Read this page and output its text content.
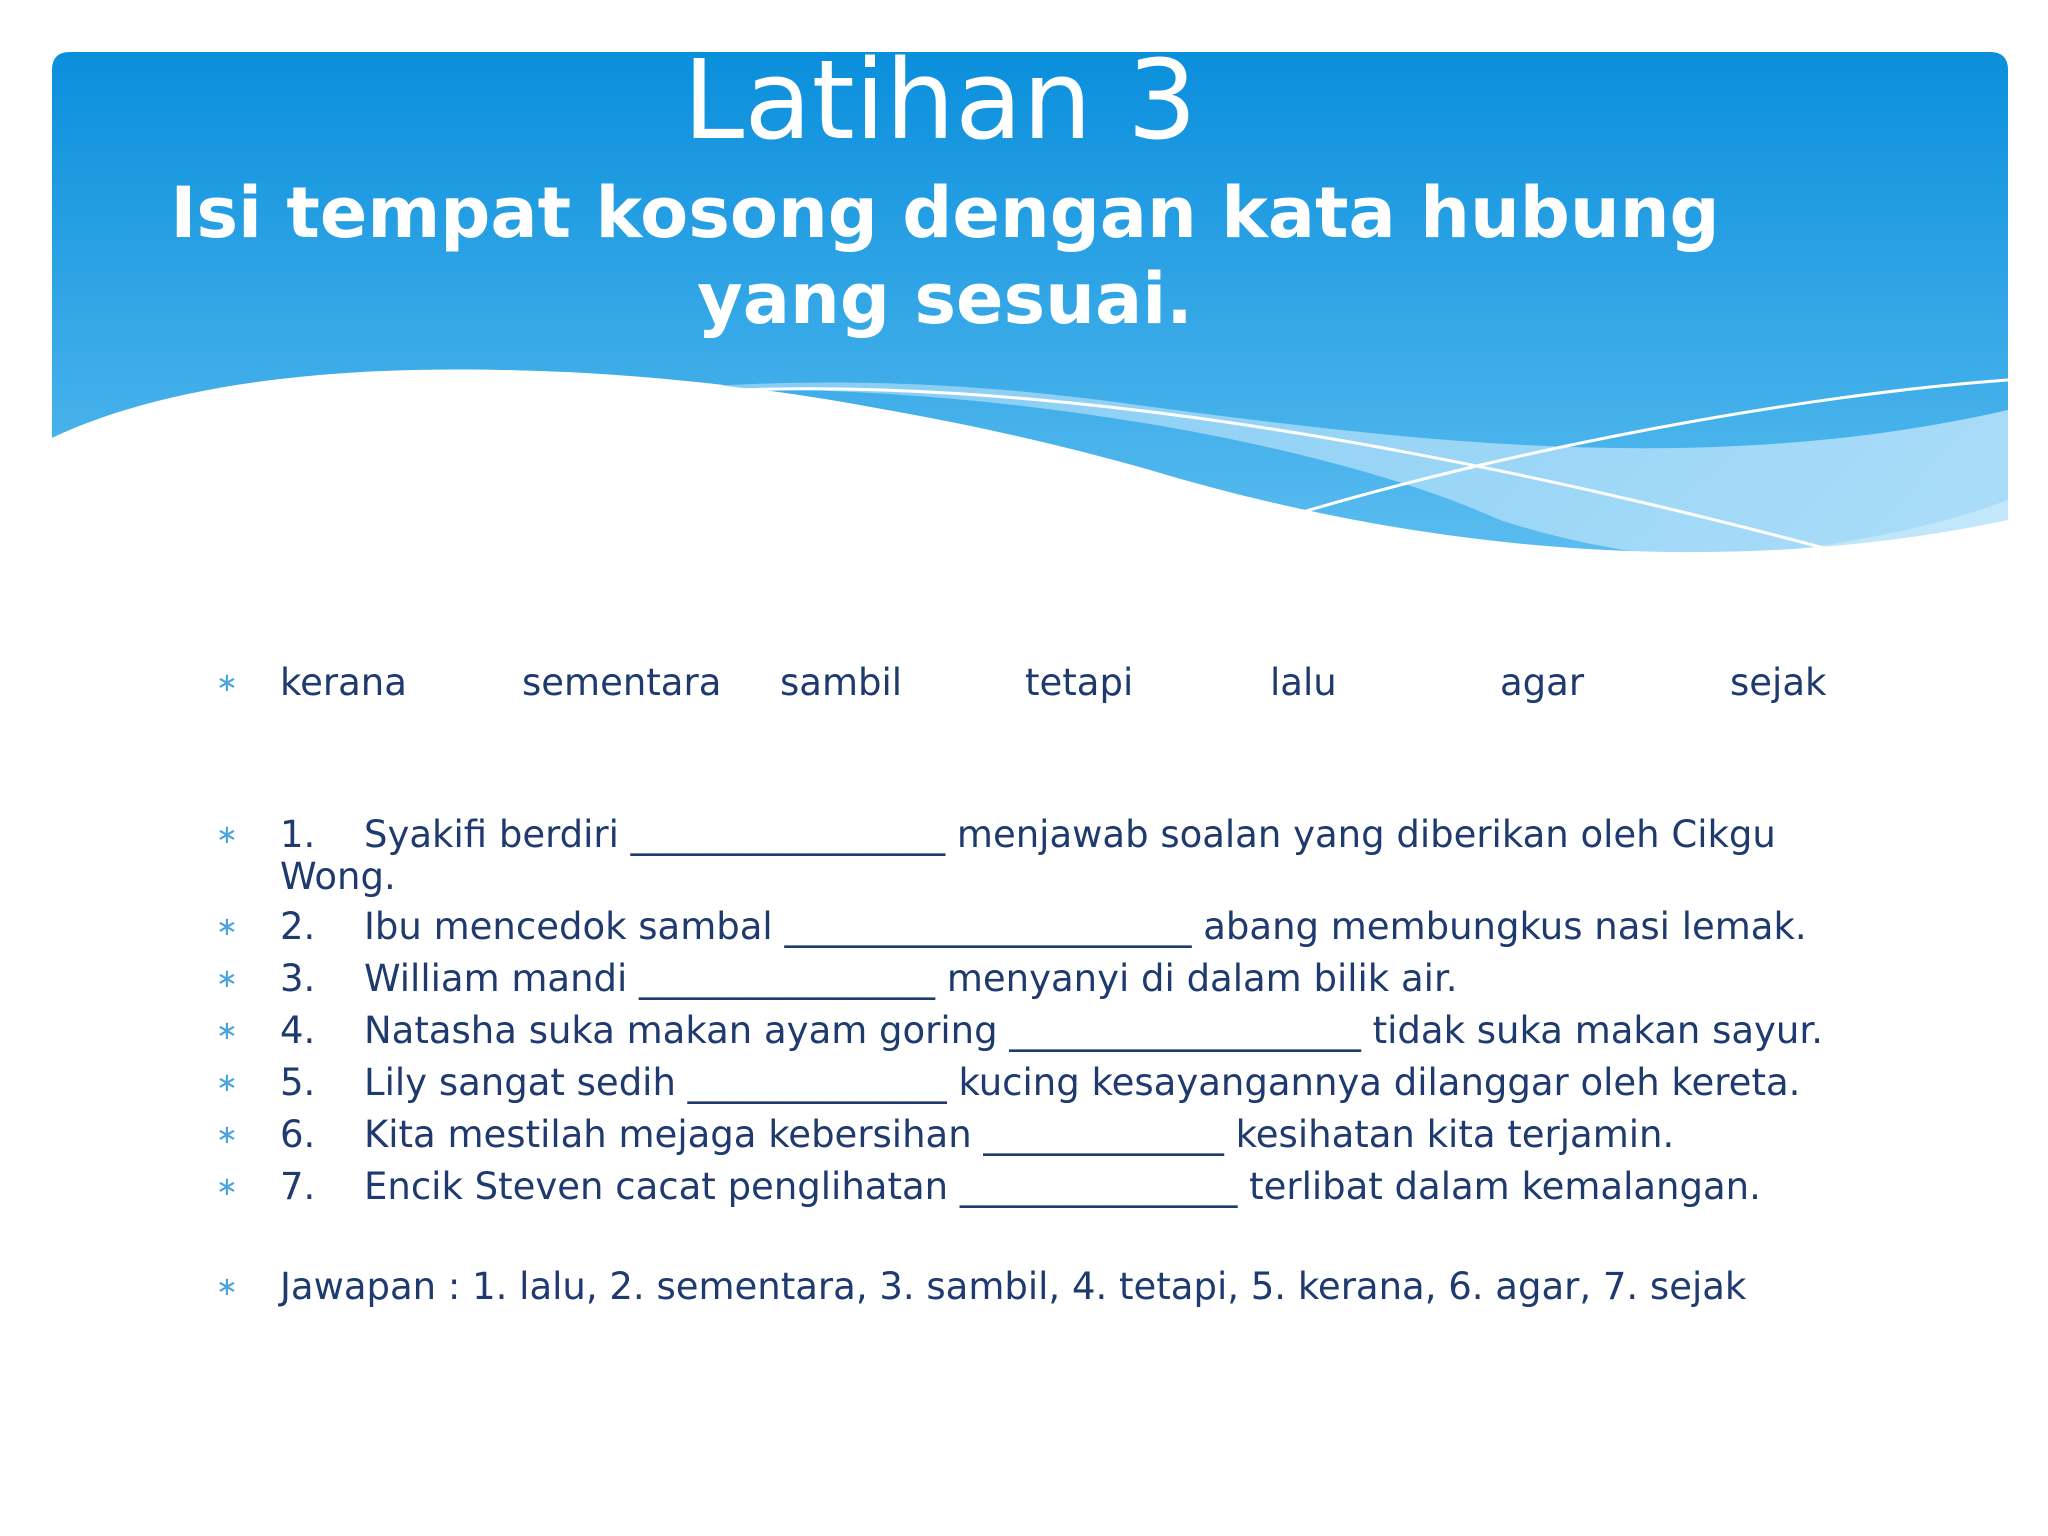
Latihan 3
Isi tempat kosong dengan kata hubung yang sesuai.
∗ kerana	sementara sambil	tetapi	lalu	agar	sejak
∗ 1. Syakifi berdiri _________________ menjawab soalan yang diberikan oleh Cikgu
Wong.
∗ 2. Ibu mencedok sambal ______________________ abang membungkus nasi lemak.
∗ 3. William mandi ________________ menyanyi di dalam bilik air.
∗ 4. Natasha suka makan ayam goring ___________________ tidak suka makan sayur.
∗ 5. Lily sangat sedih ______________ kucing kesayangannya dilanggar oleh kereta.
∗ 6. Kita mestilah mejaga kebersihan _____________ kesihatan kita terjamin.
∗ 7. Encik Steven cacat penglihatan _______________ terlibat dalam kemalangan.
∗ Jawapan : 1. lalu, 2. sementara, 3. sambil, 4. tetapi, 5. kerana, 6. agar, 7. sejak
